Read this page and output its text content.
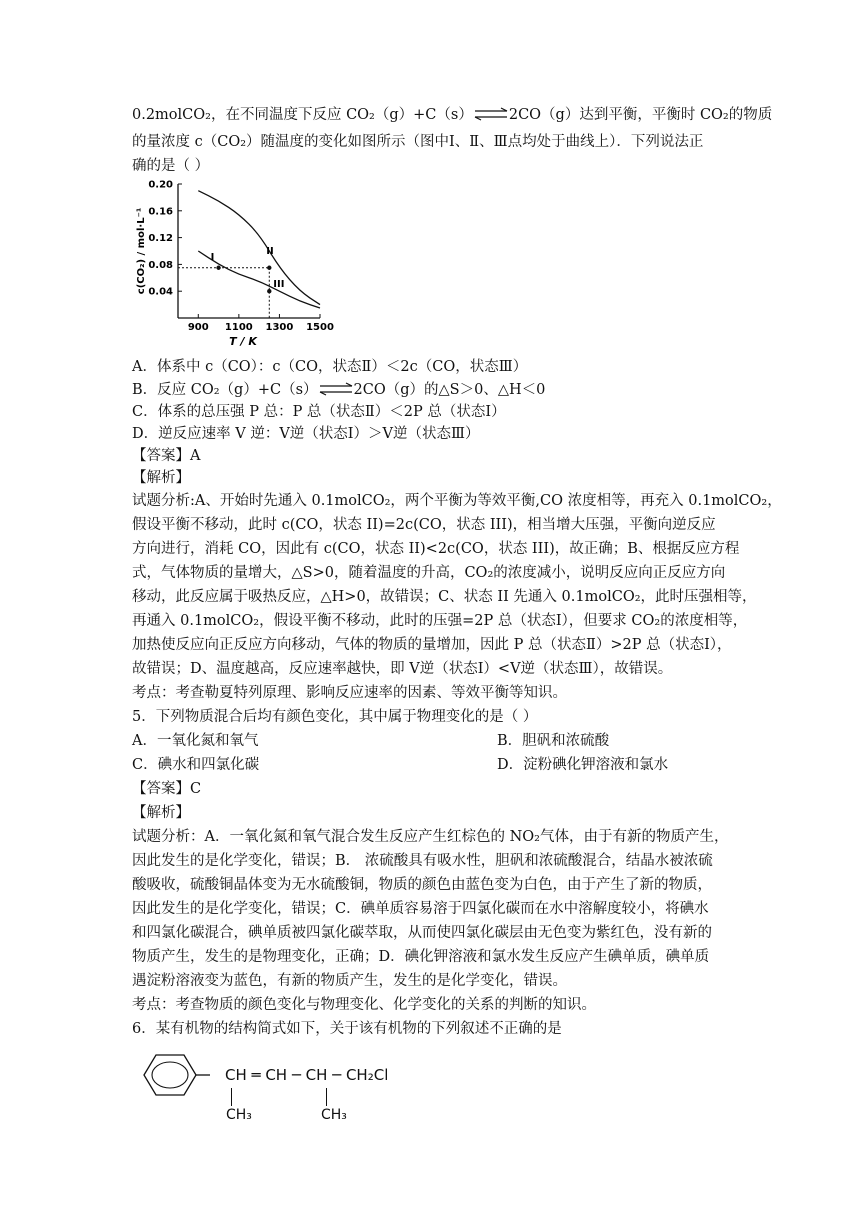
0.2molCO₂，在不同温度下反应 CO₂（g）+C（s）⇌2CO（g）达到平衡，平衡时 CO₂的物质
的量浓度 c（CO₂）随温度的变化如图所示（图中Ⅰ、Ⅱ、Ⅲ点均处于曲线上）．下列说法正
确的是（ ）
0.04
0.08
0.12
0.16
0.20
900 1100 1300 1500
T / K
c(CO₂) / mol·L⁻¹	I
II
III
A．体系中 c（CO）：c（CO，状态Ⅱ）＜2c（CO，状态Ⅲ）
B．反应 CO₂（g）+C（s）⇌2CO（g）的△S＞0、△H＜0
C．体系的总压强 P 总：P 总（状态Ⅱ）＜2P 总（状态Ⅰ）
D．逆反应速率 V 逆：V逆（状态Ⅰ）＞V逆（状态Ⅲ）
【答案】A
【解析】
试题分析:A、开始时先通入 0.1molCO₂，两个平衡为等效平衡,CO 浓度相等，再充入 0.1molCO₂，
假设平衡不移动，此时 c(CO，状态 II)=2c(CO，状态 III)，相当增大压强，平衡向逆反应
方向进行，消耗 CO，因此有 c(CO，状态 II)<2c(CO，状态 III)，故正确；B、根据反应方程
式，气体物质的量增大，△S>0，随着温度的升高，CO₂的浓度减小，说明反应向正反应方向
移动，此反应属于吸热反应，△H>0，故错误；C、状态 II 先通入 0.1molCO₂，此时压强相等，
再通入 0.1molCO₂，假设平衡不移动，此时的压强=2P 总（状态Ⅰ），但要求 CO₂的浓度相等，
加热使反应向正反应方向移动，气体的物质的量增加，因此 P 总（状态Ⅱ）>2P 总（状态Ⅰ），
故错误；D、温度越高，反应速率越快，即 V逆（状态Ⅰ）<V逆（状态Ⅲ），故错误。
考点：考查勒夏特列原理、影响反应速率的因素、等效平衡等知识。
5．下列物质混合后均有颜色变化，其中属于物理变化的是（ ）
A．一氧化氮和氧气	B．胆矾和浓硫酸
C．碘水和四氯化碳	D．淀粉碘化钾溶液和氯水
【答案】C
【解析】
试题分析：A．一氧化氮和氧气混合发生反应产生红棕色的 NO₂气体，由于有新的物质产生，
因此发生的是化学变化，错误；B． 浓硫酸具有吸水性，胆矾和浓硫酸混合，结晶水被浓硫
酸吸收，硫酸铜晶体变为无水硫酸铜，物质的颜色由蓝色变为白色，由于产生了新的物质，
因此发生的是化学变化，错误；C．碘单质容易溶于四氯化碳而在水中溶解度较小，将碘水
和四氯化碳混合，碘单质被四氯化碳萃取，从而使四氯化碳层由无色变为紫红色，没有新的
物质产生，发生的是物理变化，正确；D．碘化钾溶液和氯水发生反应产生碘单质，碘单质
遇淀粉溶液变为蓝色，有新的物质产生，发生的是化学变化，错误。
考点：考查物质的颜色变化与物理变化、化学变化的关系的判断的知识。
6．某有机物的结构简式如下，关于该有机物的下列叙述不正确的是
CH ═ CH ─ CH ─ CH₂Cl
CH₃	CH₃
